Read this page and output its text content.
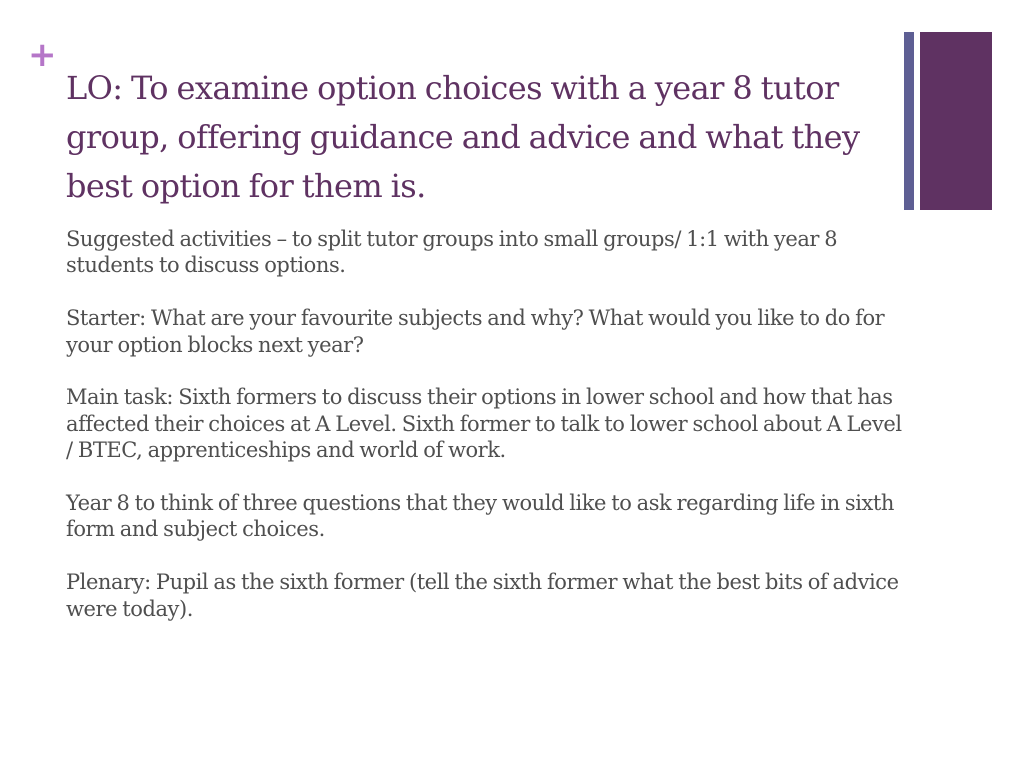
+
LO: To examine option choices with a year 8 tutor group, offering guidance and advice and what they best option for them is.

Suggested activities – to split tutor groups into small groups/ 1:1 with year 8 students to discuss options.

Starter: What are your favourite subjects and why? What would you like to do for your option blocks next year?

Main task: Sixth formers to discuss their options in lower school and how that has affected their choices at A Level. Sixth former to talk to lower school about A Level / BTEC, apprenticeships and world of work.

Year 8 to think of three questions that they would like to ask regarding life in sixth form and subject choices.

Plenary: Pupil as the sixth former (tell the sixth former what the best bits of advice were today).
